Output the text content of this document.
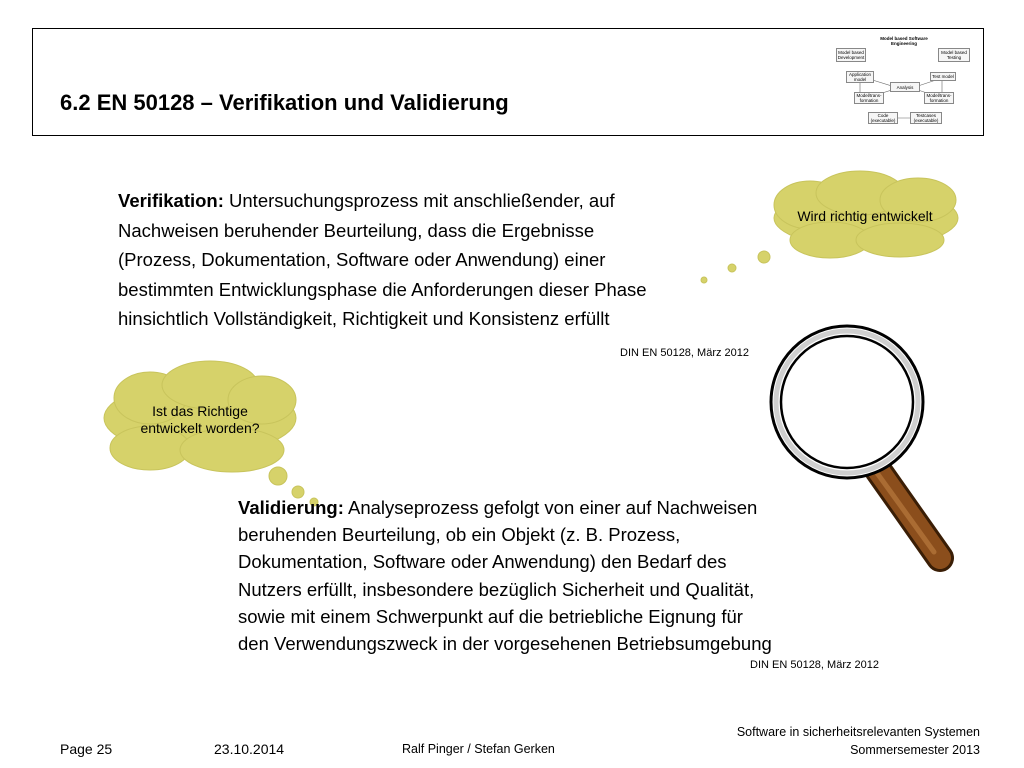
6.2 EN 50128 – Verifikation und Validierung
Model based Software Engineering
Model based Development
Model based Testing
Application model
Test model
Analysis
Model/trans-formation
Model/trans-formation
Code (executable)
Testcases (executable)
Wird richtig entwickelt
Ist das Richtige
entwickelt worden?

Verifikation: Untersuchungsprozess mit anschließender, auf
Nachweisen beruhender Beurteilung, dass die Ergebnisse
(Prozess, Dokumentation, Software oder Anwendung) einer
bestimmten Entwicklungsphase die Anforderungen dieser Phase
hinsichtlich Vollständigkeit, Richtigkeit und Konsistenz erfüllt

DIN EN 50128, März 2012

Validierung: Analyseprozess gefolgt von einer auf Nachweisen
beruhenden Beurteilung, ob ein Objekt (z. B. Prozess,
Dokumentation, Software oder Anwendung) den Bedarf des
Nutzers erfüllt, insbesondere bezüglich Sicherheit und Qualität,
sowie mit einem Schwerpunkt auf die betriebliche Eignung für
den Verwendungszweck in der vorgesehenen Betriebsumgebung

DIN EN 50128, März 2012
Page 25	23.10.2014	Ralf Pinger / Stefan Gerken
Software in sicherheitsrelevanten Systemen
Sommersemester 2013
